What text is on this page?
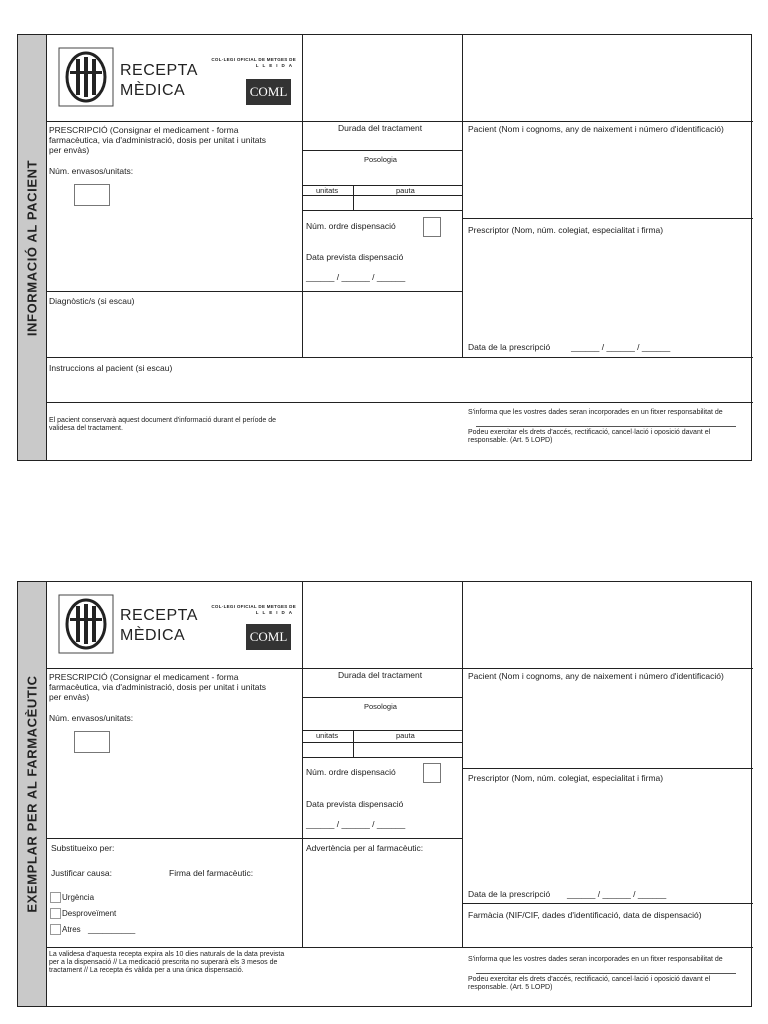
INFORMACIÓ AL PACIENT
RECEPTA
MÈDICA
COL·LEGI OFICIAL DE METGES DE
LLEIDA
COML
PRESCRIPCIÓ (Consignar el medicament - forma farmacèutica, via d'administració, dosis per unitat i unitats per envàs)
Núm. envasos/unitats:
Durada del tractament
Posologia
unitats	pauta
Núm. ordre dispensació
Data prevista dispensació
______ / ______ / ______
Pacient (Nom i cognoms, any de naixement i número d'identificació)
Prescriptor (Nom, núm. colegiat, especialitat i firma)
Data de la prescripció ______ / ______ / ______
Diagnòstic/s (si escau)
Instruccions al pacient (si escau)
El pacient conservarà aquest document d'informació durant el període de validesa del tractament.
S'informa que les vostres dades seran incorporades en un fitxer responsabilitat de
Podeu exercitar els drets d'accés, rectificació, cancel·lació i oposició davant el responsable. (Art. 5 LOPD)
EXEMPLAR PER AL FARMACÈUTIC
RECEPTA
MÈDICA
COL·LEGI OFICIAL DE METGES DE
LLEIDA
COML
PRESCRIPCIÓ (Consignar el medicament - forma farmacèutica, via d'administració, dosis per unitat i unitats per envàs)
Núm. envasos/unitats:
Durada del tractament
Posologia
unitats	pauta
Núm. ordre dispensació
Data prevista dispensació
______ / ______ / ______
Pacient (Nom i cognoms, any de naixement i número d'identificació)
Prescriptor (Nom, núm. colegiat, especialitat i firma)
Data de la prescripció ______ / ______ / ______
Farmàcia (NIF/CIF, dades d'identificació, data de dispensació)
Substitueixo per:
Justificar causa:	Firma del farmacèutic:
Urgència
Desproveïment
Atres __________
Advertència per al farmacèutic:
La validesa d'aquesta recepta expira als 10 dies naturals de la data prevista per a la dispensació // La medicació prescrita no superarà els 3 mesos de tractament // La recepta és vàlida per a una única dispensació.
S'informa que les vostres dades seran incorporades en un fitxer responsabilitat de
Podeu exercitar els drets d'accés, rectificació, cancel·lació i oposició davant el responsable. (Art. 5 LOPD)
